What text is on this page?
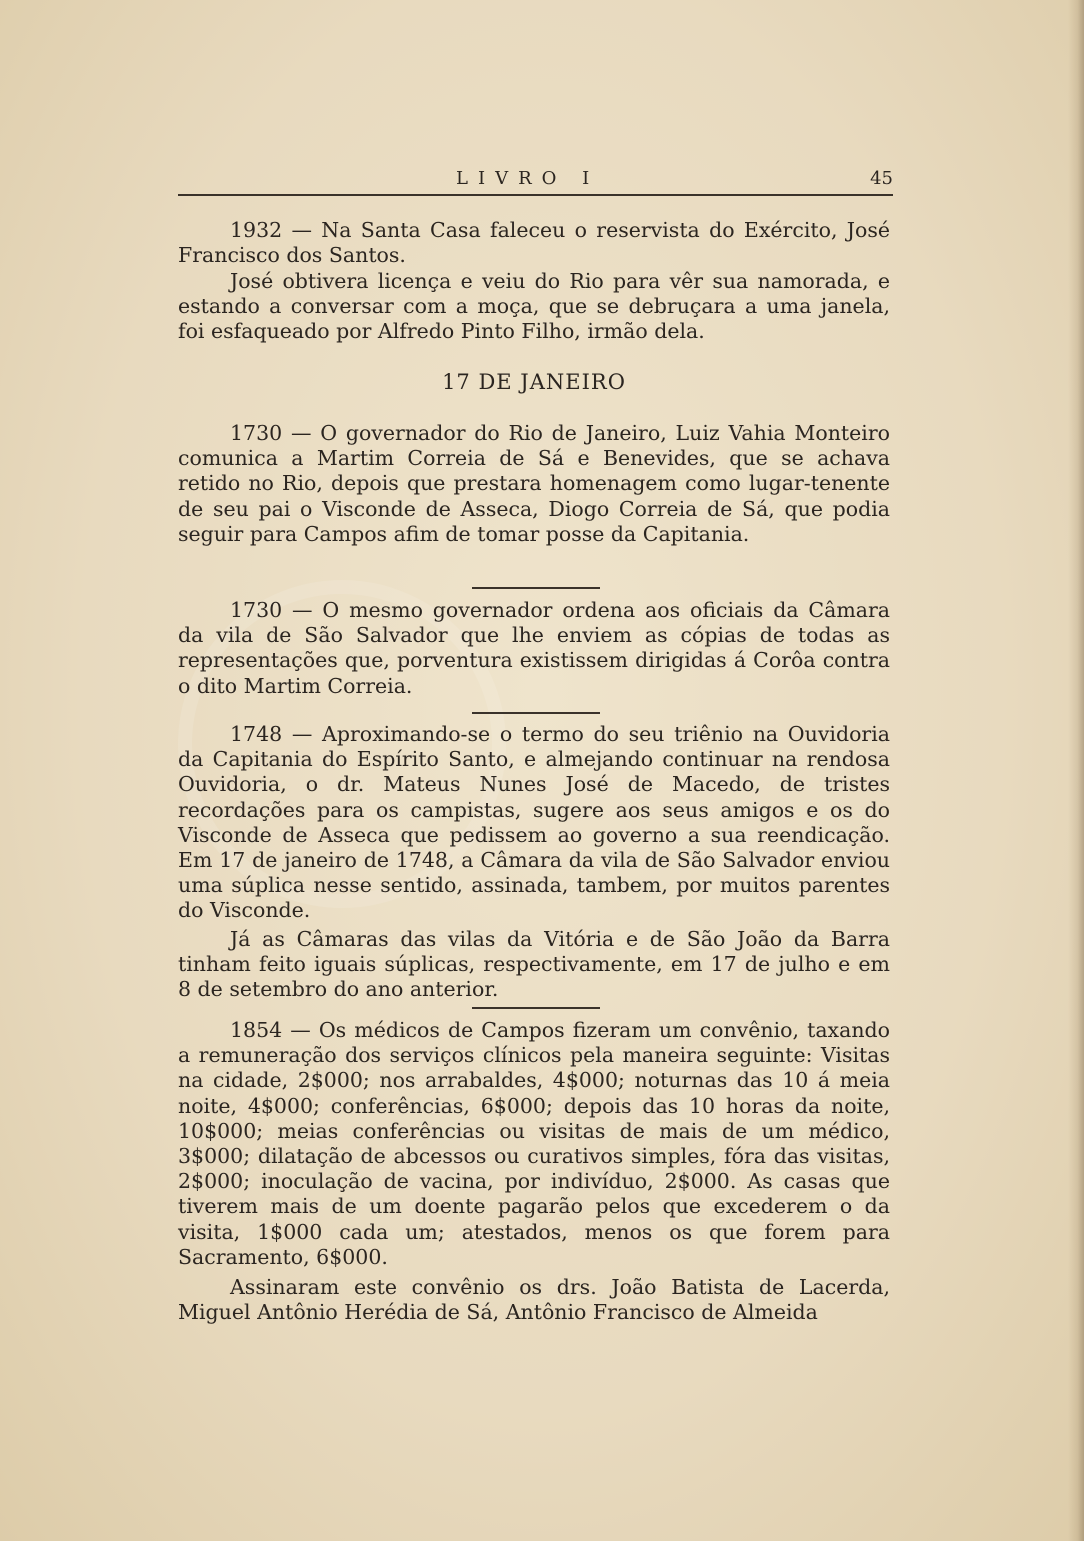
LIVRO I	45

1932 — Na Santa Casa faleceu o reservista do Exército, José Francisco dos Santos.

José obtivera licença e veiu do Rio para vêr sua namorada, e estando a conversar com a moça, que se debruçara a uma janela, foi esfaqueado por Alfredo Pinto Filho, irmão dela.

17 DE JANEIRO

1730 — O governador do Rio de Janeiro, Luiz Vahia Monteiro comunica a Martim Correia de Sá e Benevides, que se achava retido no Rio, depois que prestara homenagem como lugar-tenente de seu pai o Visconde de Asseca, Diogo Correia de Sá, que podia seguir para Campos afim de tomar posse da Capitania.

1730 — O mesmo governador ordena aos oficiais da Câmara da vila de São Salvador que lhe enviem as cópias de todas as representações que, porventura existissem dirigidas á Corôa contra o dito Martim Correia.

1748 — Aproximando-se o termo do seu triênio na Ouvidoria da Capitania do Espírito Santo, e almejando continuar na rendosa Ouvidoria, o dr. Mateus Nunes José de Macedo, de tristes recordações para os campistas, sugere aos seus amigos e os do Visconde de Asseca que pedissem ao governo a sua reendicação. Em 17 de janeiro de 1748, a Câmara da vila de São Salvador enviou uma súplica nesse sentido, assinada, tambem, por muitos parentes do Visconde.

Já as Câmaras das vilas da Vitória e de São João da Barra tinham feito iguais súplicas, respectivamente, em 17 de julho e em 8 de setembro do ano anterior.

1854 — Os médicos de Campos fizeram um convênio, taxando a remuneração dos serviços clínicos pela maneira seguinte: Visitas na cidade, 2$000; nos arrabaldes, 4$000; noturnas das 10 á meia noite, 4$000; conferências, 6$000; depois das 10 horas da noite, 10$000; meias conferências ou visitas de mais de um médico, 3$000; dilatação de abcessos ou curativos simples, fóra das visitas, 2$000; inoculação de vacina, por indivíduo, 2$000. As casas que tiverem mais de um doente pagarão pelos que excederem o da visita, 1$000 cada um; atestados, menos os que forem para Sacramento, 6$000.

Assinaram este convênio os drs. João Batista de Lacerda, Miguel Antônio Herédia de Sá, Antônio Francisco de Almeida
